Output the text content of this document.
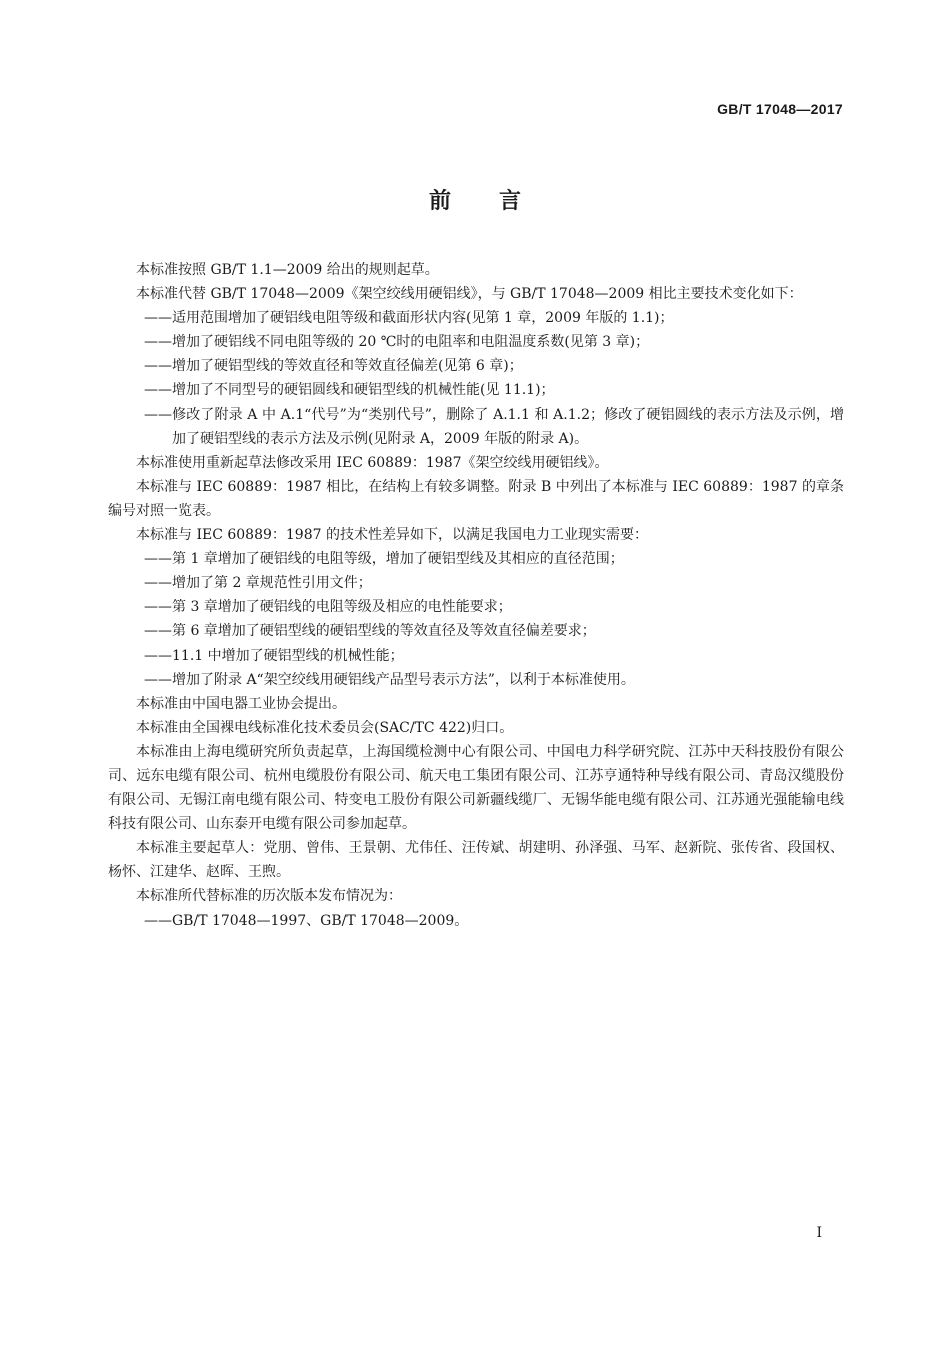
GB/T 17048—2017
前言

本标准按照 GB/T 1.1—2009 给出的规则起草。

本标准代替 GB/T 17048—2009《架空绞线用硬铝线》，与 GB/T 17048—2009 相比主要技术变化如下：

——适用范围增加了硬铝线电阻等级和截面形状内容(见第 1 章，2009 年版的 1.1)；

——增加了硬铝线不同电阻等级的 20 ℃时的电阻率和电阻温度系数(见第 3 章)；

——增加了硬铝型线的等效直径和等效直径偏差(见第 6 章)；

——增加了不同型号的硬铝圆线和硬铝型线的机械性能(见 11.1)；

——修改了附录 A 中 A.1“代号”为“类别代号”，删除了 A.1.1 和 A.1.2；修改了硬铝圆线的表示方法及示例，增加了硬铝型线的表示方法及示例(见附录 A，2009 年版的附录 A)。

本标准使用重新起草法修改采用 IEC 60889：1987《架空绞线用硬铝线》。

本标准与 IEC 60889：1987 相比，在结构上有较多调整。附录 B 中列出了本标准与 IEC 60889：1987 的章条编号对照一览表。

本标准与 IEC 60889：1987 的技术性差异如下，以满足我国电力工业现实需要：

——第 1 章增加了硬铝线的电阻等级，增加了硬铝型线及其相应的直径范围；

——增加了第 2 章规范性引用文件；

——第 3 章增加了硬铝线的电阻等级及相应的电性能要求；

——第 6 章增加了硬铝型线的硬铝型线的等效直径及等效直径偏差要求；

——11.1 中增加了硬铝型线的机械性能；

——增加了附录 A“架空绞线用硬铝线产品型号表示方法”，以利于本标准使用。

本标准由中国电器工业协会提出。

本标准由全国裸电线标准化技术委员会(SAC/TC 422)归口。

本标准由上海电缆研究所负责起草，上海国缆检测中心有限公司、中国电力科学研究院、江苏中天科技股份有限公司、远东电缆有限公司、杭州电缆股份有限公司、航天电工集团有限公司、江苏亨通特种导线有限公司、青岛汉缆股份有限公司、无锡江南电缆有限公司、特变电工股份有限公司新疆线缆厂、无锡华能电缆有限公司、江苏通光强能输电线科技有限公司、山东泰开电缆有限公司参加起草。

本标准主要起草人：党朋、曾伟、王景朝、尤伟任、汪传斌、胡建明、孙泽强、马军、赵新院、张传省、段国权、杨怀、江建华、赵晖、王煦。

本标准所代替标准的历次版本发布情况为：

——GB/T 17048—1997、GB/T 17048—2009。

I
